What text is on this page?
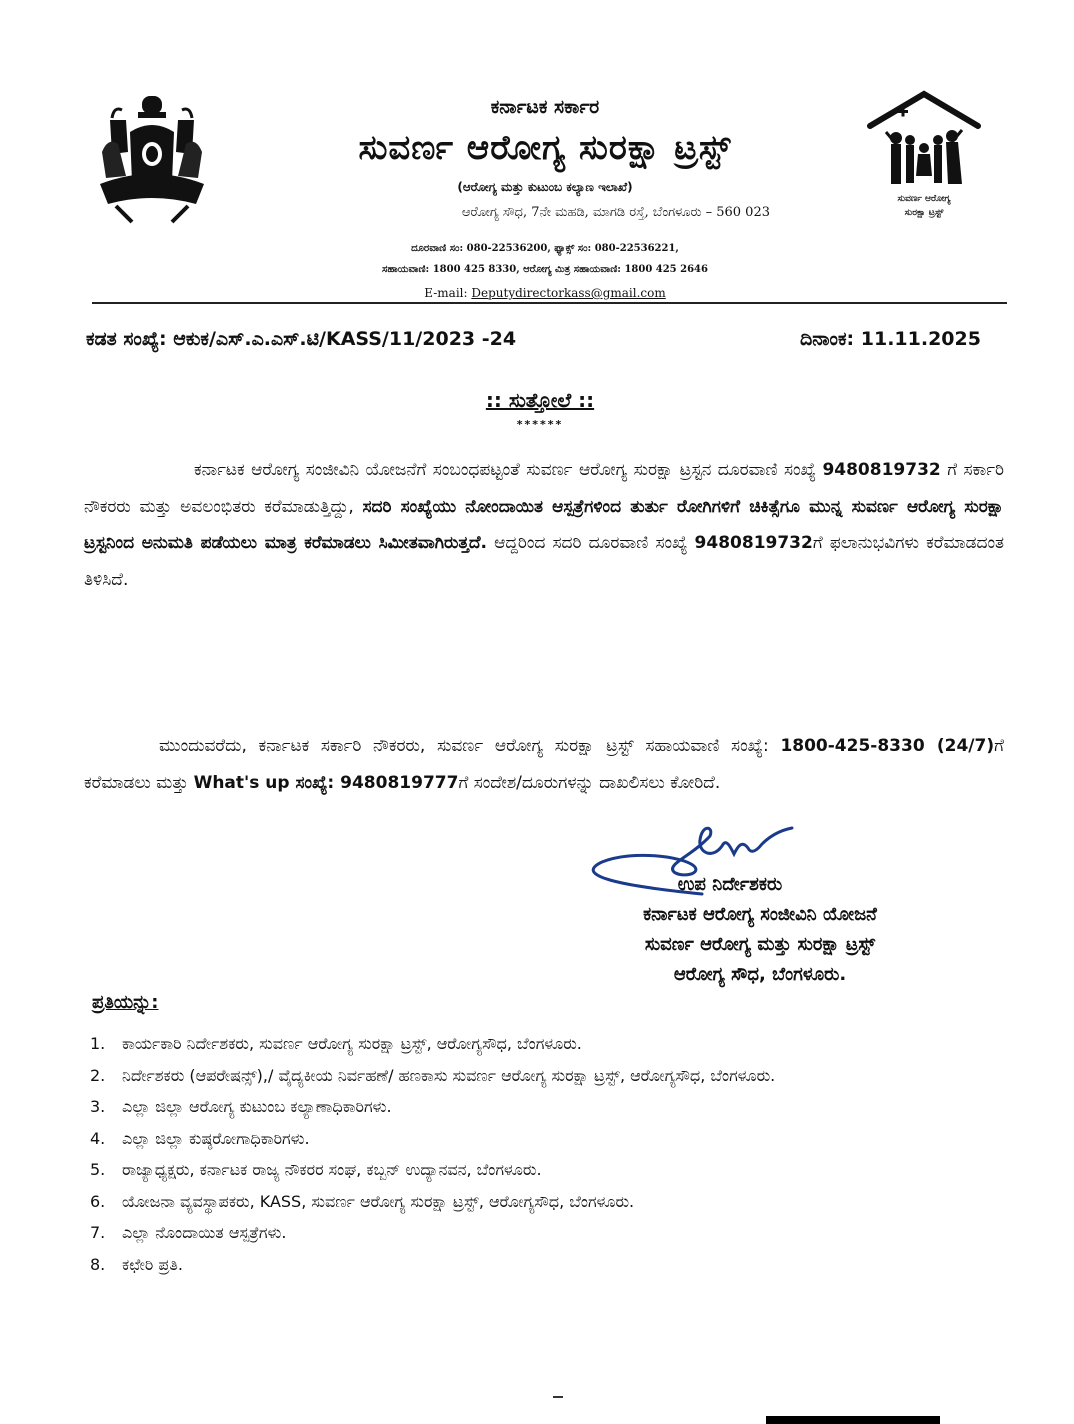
ಕರ್ನಾಟಕ ಸರ್ಕಾರ
ಸುವರ್ಣ ಆರೋಗ್ಯ ಸುರಕ್ಷಾ ಟ್ರಸ್ಟ್
(ಆರೋಗ್ಯ ಮತ್ತು ಕುಟುಂಬ ಕಲ್ಯಾಣ ಇಲಾಖೆ)
ಆರೋಗ್ಯ ಸೌಧ, 7ನೇ ಮಹಡಿ, ಮಾಗಡಿ ರಸ್ತೆ, ಬೆಂಗಳೂರು – 560 023
ದೂರವಾಣಿ ಸಂ: 080-22536200, ಫ್ಯಾಕ್ಸ್ ಸಂ: 080-22536221,
ಸಹಾಯವಾಣಿ: 1800 425 8330, ಆರೋಗ್ಯ ಮಿತ್ರ ಸಹಾಯವಾಣಿ: 1800 425 2646
E-mail: Deputydirectorkass@gmail.com
ಸುವರ್ಣ ಆರೋಗ್ಯ
ಸುರಕ್ಷಾ ಟ್ರಸ್ಟ್
ಕಡತ ಸಂಖ್ಯೆ: ಆಕುಕ/ಎಸ್.ಎ.ಎಸ್.ಟಿ/KASS/11/2023 -24	ದಿನಾಂಕ: 11.11.2025
:: ಸುತ್ತೋಲೆ ::
******

ಕರ್ನಾಟಕ ಆರೋಗ್ಯ ಸಂಜೀವಿನಿ ಯೋಜನೆಗೆ ಸಂಬಂಧಪಟ್ಟಂತೆ ಸುವರ್ಣ ಆರೋಗ್ಯ ಸುರಕ್ಷಾ ಟ್ರಸ್ಟನ ದೂರವಾಣಿ ಸಂಖ್ಯೆ 9480819732 ಗೆ ಸರ್ಕಾರಿ ನೌಕರರು ಮತ್ತು ಅವಲಂಭಿತರು ಕರೆಮಾಡುತ್ತಿದ್ದು, ಸದರಿ ಸಂಖ್ಯೆಯು ನೋಂದಾಯಿತ ಆಸ್ಪತ್ರೆಗಳಿಂದ ತುರ್ತು ರೋಗಿಗಳಿಗೆ ಚಿಕಿತ್ಸೆಗೂ ಮುನ್ನ ಸುವರ್ಣ ಆರೋಗ್ಯ ಸುರಕ್ಷಾ ಟ್ರಸ್ಟನಿಂದ ಅನುಮತಿ ಪಡೆಯಲು ಮಾತ್ರ ಕರೆಮಾಡಲು ಸಿಮೀತವಾಗಿರುತ್ತದೆ. ಆದ್ದರಿಂದ ಸದರಿ ದೂರವಾಣಿ ಸಂಖ್ಯೆ 9480819732ಗೆ ಫಲಾನುಭವಿಗಳು ಕರೆಮಾಡದಂತ ತಿಳಿಸಿದೆ.

ಮುಂದುವರೆದು, ಕರ್ನಾಟಕ ಸರ್ಕಾರಿ ನೌಕರರು, ಸುವರ್ಣ ಆರೋಗ್ಯ ಸುರಕ್ಷಾ ಟ್ರಸ್ಟ್ ಸಹಾಯವಾಣಿ ಸಂಖ್ಯೆ: 1800-425-8330 (24/7)ಗೆ ಕರೆಮಾಡಲು ಮತ್ತು What's up ಸಂಖ್ಯೆ: 9480819777ಗೆ ಸಂದೇಶ/ದೂರುಗಳನ್ನು ದಾಖಲಿಸಲು ಕೋರಿದೆ.

ಉಪ ನಿರ್ದೇಶಕರು
ಕರ್ನಾಟಕ ಆರೋಗ್ಯ ಸಂಜೀವಿನಿ ಯೋಜನೆ
ಸುವರ್ಣ ಆರೋಗ್ಯ ಮತ್ತು ಸುರಕ್ಷಾ ಟ್ರಸ್ಟ್
ಆರೋಗ್ಯ ಸೌಧ, ಬೆಂಗಳೂರು.
ಪ್ರತಿಯನ್ನು:
1.	ಕಾರ್ಯಕಾರಿ ನಿರ್ದೇಶಕರು, ಸುವರ್ಣ ಆರೋಗ್ಯ ಸುರಕ್ಷಾ ಟ್ರಸ್ಟ್, ಆರೋಗ್ಯಸೌಧ, ಬೆಂಗಳೂರು.
2.	ನಿರ್ದೇಶಕರು (ಆಪರೇಷನ್ಸ್),/ ವೈದ್ಯಕೀಯ ನಿರ್ವಹಣೆ/ ಹಣಕಾಸು ಸುವರ್ಣ ಆರೋಗ್ಯ ಸುರಕ್ಷಾ ಟ್ರಸ್ಟ್, ಆರೋಗ್ಯಸೌಧ, ಬೆಂಗಳೂರು.
3.	ಎಲ್ಲಾ ಜಿಲ್ಲಾ ಆರೋಗ್ಯ ಕುಟುಂಬ ಕಲ್ಯಾಣಾಧಿಕಾರಿಗಳು.
4.	ಎಲ್ಲಾ ಜಿಲ್ಲಾ ಕುಷ್ಠರೋಗಾಧಿಕಾರಿಗಳು.
5.	ರಾಜ್ಯಾಧ್ಯಕ್ಷರು, ಕರ್ನಾಟಕ ರಾಜ್ಯ ನೌಕರರ ಸಂಘ, ಕಬ್ಬನ್ ಉದ್ಯಾನವನ, ಬೆಂಗಳೂರು.
6.	ಯೋಜನಾ ವ್ಯವಸ್ಥಾಪಕರು, KASS, ಸುವರ್ಣ ಆರೋಗ್ಯ ಸುರಕ್ಷಾ ಟ್ರಸ್ಟ್, ಆರೋಗ್ಯಸೌಧ, ಬೆಂಗಳೂರು.
7.	ಎಲ್ಲಾ ನೊಂದಾಯಿತ ಆಸ್ಪತ್ರೆಗಳು.
8.	ಕಛೇರಿ ಪ್ರತಿ.
